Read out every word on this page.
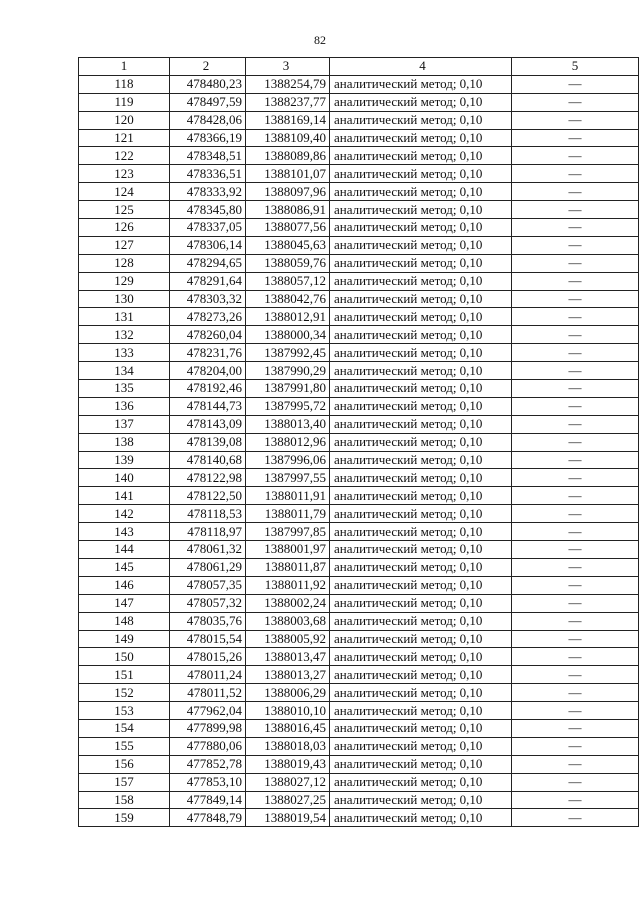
82
1	2	3	4	5
118	478480,23	1388254,79	аналитический метод; 0,10	—
119	478497,59	1388237,77	аналитический метод; 0,10	—
120	478428,06	1388169,14	аналитический метод; 0,10	—
121	478366,19	1388109,40	аналитический метод; 0,10	—
122	478348,51	1388089,86	аналитический метод; 0,10	—
123	478336,51	1388101,07	аналитический метод; 0,10	—
124	478333,92	1388097,96	аналитический метод; 0,10	—
125	478345,80	1388086,91	аналитический метод; 0,10	—
126	478337,05	1388077,56	аналитический метод; 0,10	—
127	478306,14	1388045,63	аналитический метод; 0,10	—
128	478294,65	1388059,76	аналитический метод; 0,10	—
129	478291,64	1388057,12	аналитический метод; 0,10	—
130	478303,32	1388042,76	аналитический метод; 0,10	—
131	478273,26	1388012,91	аналитический метод; 0,10	—
132	478260,04	1388000,34	аналитический метод; 0,10	—
133	478231,76	1387992,45	аналитический метод; 0,10	—
134	478204,00	1387990,29	аналитический метод; 0,10	—
135	478192,46	1387991,80	аналитический метод; 0,10	—
136	478144,73	1387995,72	аналитический метод; 0,10	—
137	478143,09	1388013,40	аналитический метод; 0,10	—
138	478139,08	1388012,96	аналитический метод; 0,10	—
139	478140,68	1387996,06	аналитический метод; 0,10	—
140	478122,98	1387997,55	аналитический метод; 0,10	—
141	478122,50	1388011,91	аналитический метод; 0,10	—
142	478118,53	1388011,79	аналитический метод; 0,10	—
143	478118,97	1387997,85	аналитический метод; 0,10	—
144	478061,32	1388001,97	аналитический метод; 0,10	—
145	478061,29	1388011,87	аналитический метод; 0,10	—
146	478057,35	1388011,92	аналитический метод; 0,10	—
147	478057,32	1388002,24	аналитический метод; 0,10	—
148	478035,76	1388003,68	аналитический метод; 0,10	—
149	478015,54	1388005,92	аналитический метод; 0,10	—
150	478015,26	1388013,47	аналитический метод; 0,10	—
151	478011,24	1388013,27	аналитический метод; 0,10	—
152	478011,52	1388006,29	аналитический метод; 0,10	—
153	477962,04	1388010,10	аналитический метод; 0,10	—
154	477899,98	1388016,45	аналитический метод; 0,10	—
155	477880,06	1388018,03	аналитический метод; 0,10	—
156	477852,78	1388019,43	аналитический метод; 0,10	—
157	477853,10	1388027,12	аналитический метод; 0,10	—
158	477849,14	1388027,25	аналитический метод; 0,10	—
159	477848,79	1388019,54	аналитический метод; 0,10	—
